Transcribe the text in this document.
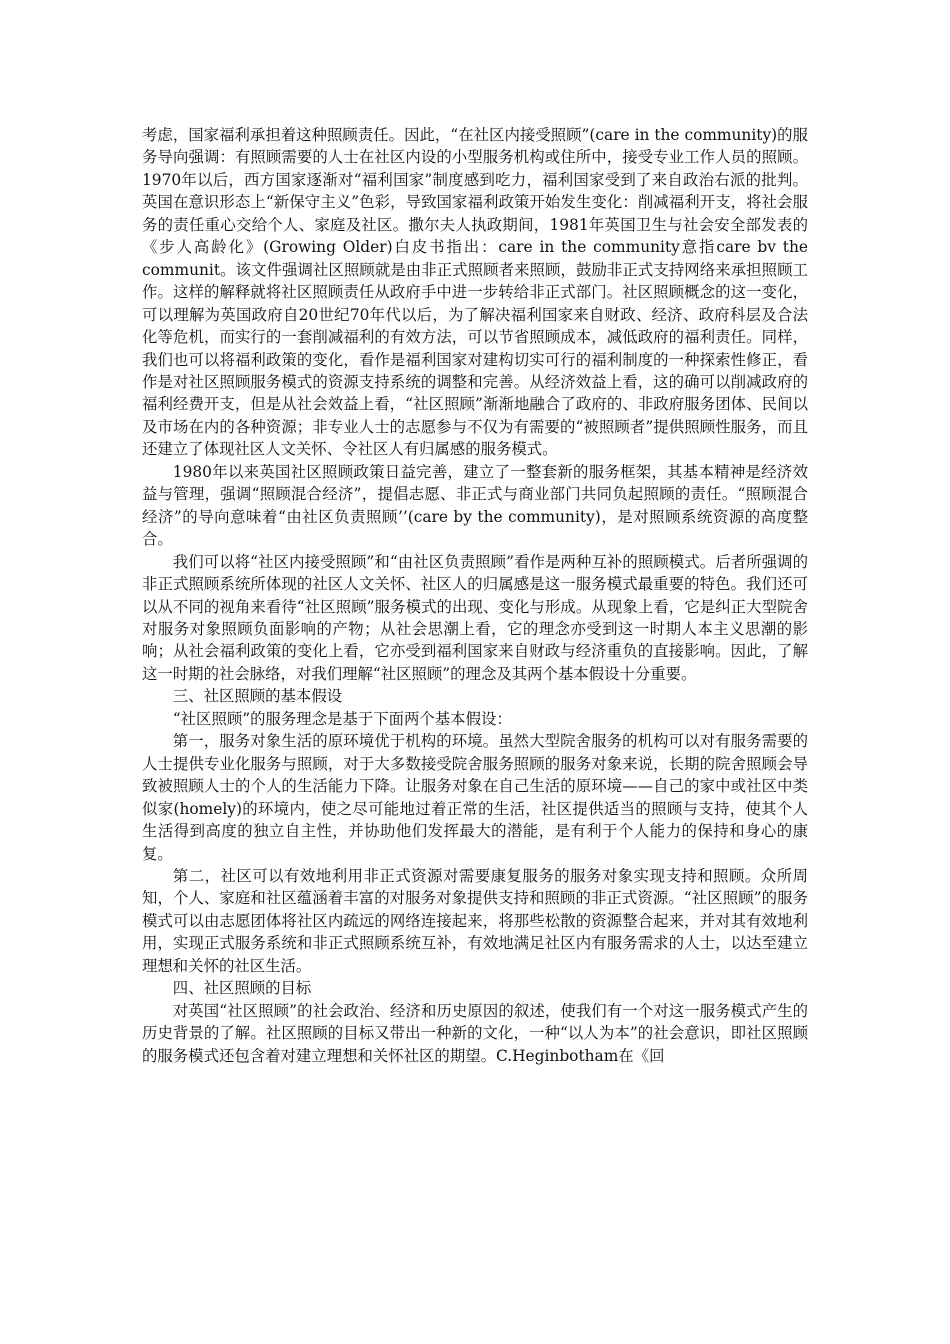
考虑，国家福利承担着这种照顾责任。因此，“在社区内接受照顾”(care in the community)的服务导向强调：有照顾需要的人士在社区内设的小型服务机构或住所中，接受专业工作人员的照顾。1970年以后，西方国家逐渐对“福利国家”制度感到吃力，福利国家受到了来自政治右派的批判。英国在意识形态上“新保守主义”色彩，导致国家福利政策开始发生变化：削减福利开支，将社会服务的责任重心交给个人、家庭及社区。撒尔夫人执政期间，1981年英国卫生与社会安全部发表的《步人高龄化》(Growing Older)白皮书指出：care in the community意指care bv the communit。该文件强调社区照顾就是由非正式照顾者来照顾，鼓励非正式支持网络来承担照顾工作。这样的解释就将社区照顾责任从政府手中进一步转给非正式部门。社区照顾概念的这一变化，可以理解为英国政府自20世纪70年代以后，为了解决福利国家来自财政、经济、政府科层及合法化等危机，而实行的一套削减福利的有效方法，可以节省照顾成本，减低政府的福利责任。同样，我们也可以将福利政策的变化，看作是福利国家对建构切实可行的福利制度的一种探索性修正，看作是对社区照顾服务模式的资源支持系统的调整和完善。从经济效益上看，这的确可以削减政府的福利经费开支，但是从社会效益上看，“社区照顾”渐渐地融合了政府的、非政府服务团体、民间以及市场在内的各种资源；非专业人士的志愿参与不仅为有需要的“被照顾者”提供照顾性服务，而且还建立了体现社区人文关怀、令社区人有归属感的服务模式。

1980年以来英国社区照顾政策日益完善，建立了一整套新的服务框架，其基本精神是经济效益与管理，强调“照顾混合经济”，提倡志愿、非正式与商业部门共同负起照顾的责任。“照顾混合经济”的导向意味着“由社区负责照顾’’(care by the community)，是对照顾系统资源的高度整合。

我们可以将“社区内接受照顾”和“由社区负责照顾”看作是两种互补的照顾模式。后者所强调的非正式照顾系统所体现的社区人文关怀、社区人的归属感是这一服务模式最重要的特色。我们还可以从不同的视角来看待“社区照顾”服务模式的出现、变化与形成。从现象上看，它是纠正大型院舍对服务对象照顾负面影响的产物；从社会思潮上看，它的理念亦受到这一时期人本主义思潮的影响；从社会福利政策的变化上看，它亦受到福利国家来自财政与经济重负的直接影响。因此，了解这一时期的社会脉络，对我们理解“社区照顾”的理念及其两个基本假设十分重要。

三、社区照顾的基本假设

“社区照顾”的服务理念是基于下面两个基本假设：

第一，服务对象生活的原环境优于机构的环境。虽然大型院舍服务的机构可以对有服务需要的人士提供专业化服务与照顾，对于大多数接受院舍服务照顾的服务对象来说，长期的院舍照顾会导致被照顾人士的个人的生活能力下降。让服务对象在自己生活的原环境——自己的家中或社区中类似家(homely)的环境内，使之尽可能地过着正常的生活，社区提供适当的照顾与支持，使其个人生活得到高度的独立自主性，并协助他们发挥最大的潜能，是有利于个人能力的保持和身心的康复。

第二，社区可以有效地利用非正式资源对需要康复服务的服务对象实现支持和照顾。众所周知，个人、家庭和社区蕴涵着丰富的对服务对象提供支持和照顾的非正式资源。“社区照顾”的服务模式可以由志愿团体将社区内疏远的网络连接起来，将那些松散的资源整合起来，并对其有效地利用，实现正式服务系统和非正式照顾系统互补，有效地满足社区内有服务需求的人士，以达至建立理想和关怀的社区生活。

四、社区照顾的目标

对英国“社区照顾”的社会政治、经济和历史原因的叙述，使我们有一个对这一服务模式产生的历史背景的了解。社区照顾的目标又带出一种新的文化，一种“以人为本”的社会意识，即社区照顾的服务模式还包含着对建立理想和关怀社区的期望。C.Heginbotham在《回
